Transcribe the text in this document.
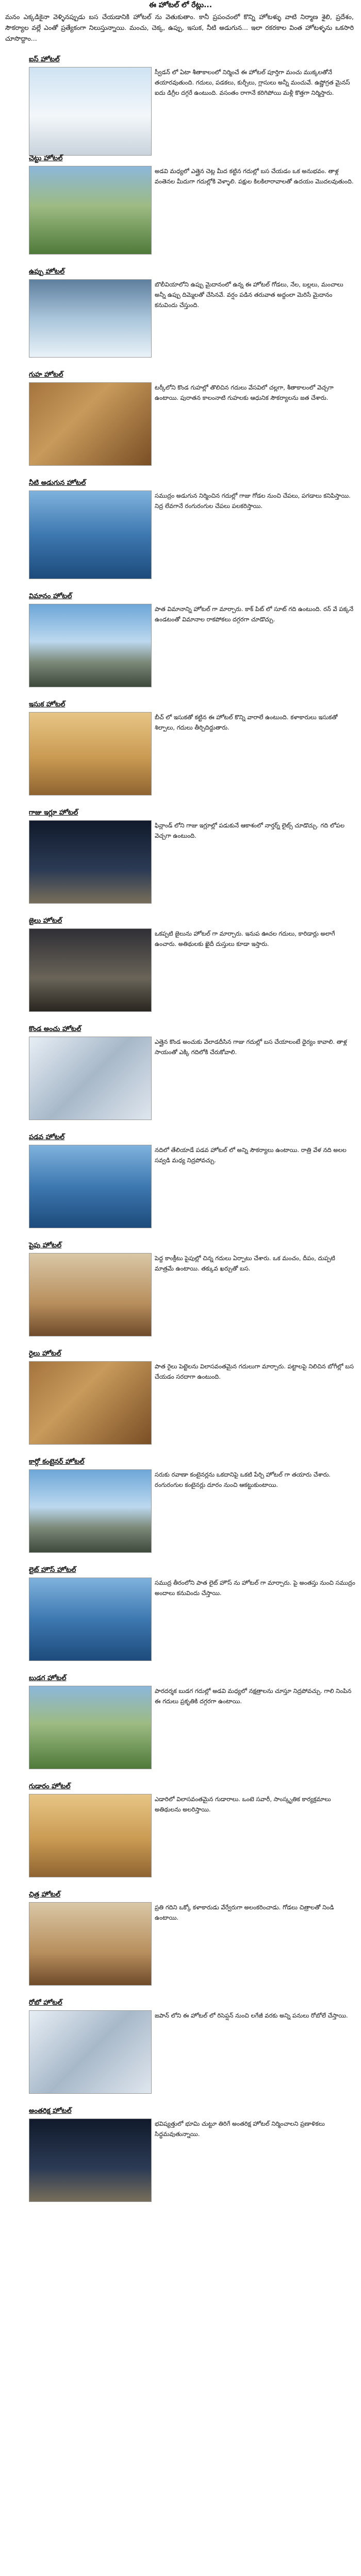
ఈ హోటల్ లో రేట్లు...
మనం ఎక్కడికైనా వెళ్ళినప్పుడు బస చేయడానికి హోటల్ ను వెతుకుతాం. కానీ ప్రపంచంలో కొన్ని హోటళ్ళు వాటి నిర్మాణ శైలి, ప్రదేశం, సౌకర్యాల వల్లే ఎంతో ప్రత్యేకంగా నిలుస్తున్నాయి. మంచు, చెక్క, ఉప్పు, ఇసుక, నీటి అడుగున... ఇలా రకరకాల వింత హోటళ్ళను ఒకసారి చూసొద్దాం...
ఐస్ హోటల్
స్వీడన్ లో ఏటా శీతాకాలంలో నిర్మించే ఈ హోటల్ పూర్తిగా మంచు ముక్కలతోనే తయారవుతుంది. గదులు, పడకలు, కుర్చీలు, గ్లాసులు అన్నీ మంచువే. ఉష్ణోగ్రత మైనస్ ఐదు డిగ్రీల దగ్గరే ఉంటుంది. వసంతం రాగానే కరిగిపోయి మళ్లీ కొత్తగా నిర్మిస్తారు.
చెట్టు హోటల్
అడవి మధ్యలో ఎత్తైన చెట్ల మీద కట్టిన గదుల్లో బస చేయడం ఒక అనుభవం. తాళ్ల వంతెనల మీదుగా గదుల్లోకి వెళ్ళాలి. పక్షుల కిలకిలారావాలతో ఉదయం మొదలవుతుంది.
ఉప్పు హోటల్
బొలీవియాలోని ఉప్పు మైదానంలో ఉన్న ఈ హోటల్ గోడలు, నేల, బల్లలు, మంచాలు అన్నీ ఉప్పు దిమ్మెలతో చేసినవే. వర్షం పడిన తరువాత అద్దంలా మెరిసే మైదానం కనువిందు చేస్తుంది.
గుహ హోటల్
టర్కీలోని కొండ గుహల్లో తొలిచిన గదులు వేసవిలో చల్లగా, శీతాకాలంలో వెచ్చగా ఉంటాయి. పురాతన కాలంనాటి గుహలకు ఆధునిక సౌకర్యాలను జత చేశారు.
నీటి అడుగున హోటల్
సముద్రం అడుగున నిర్మించిన గదుల్లో గాజు గోడల నుంచి చేపలు, పగడాలు కనిపిస్తాయి. నిద్ర లేవగానే రంగురంగుల చేపలు పలకరిస్తాయి.
విమానం హోటల్
పాత విమానాన్ని హోటల్ గా మార్చారు. కాక్ పిట్ లో సూట్ గది ఉంటుంది. రన్ వే పక్కనే ఉండటంతో విమానాల రాకపోకలు దగ్గరగా చూడొచ్చు.
ఇసుక హోటల్
బీచ్ లో ఇసుకతో కట్టిన ఈ హోటల్ కొన్ని వారాలే ఉంటుంది. కళాకారులు ఇసుకతో శిల్పాలు, గదులు తీర్చిదిద్దుతారు.
గాజు ఇగ్లూ హోటల్
ఫిన్లాండ్ లోని గాజు ఇగ్లూల్లో పడుకునే ఆకాశంలో నార్తర్న్ లైట్స్ చూడొచ్చు. గది లోపల వెచ్చగా ఉంటుంది.
జైలు హోటల్
ఒకప్పటి జైలును హోటల్ గా మార్చారు. ఇనుప ఊచల గదులు, కారిడార్లు అలాగే ఉంచారు. అతిథులకు ఖైదీ దుస్తులు కూడా ఇస్తారు.
కొండ అంచు హోటల్
ఎత్తైన కొండ అంచుకు వేలాడదీసిన గాజు గదుల్లో బస చేయాలంటే ధైర్యం కావాలి. తాళ్ల సాయంతో ఎక్కి గదిలోకి చేరుకోవాలి.
పడవ హోటల్
నదిలో తేలియాడే పడవ హోటల్ లో అన్ని సౌకర్యాలు ఉంటాయి. రాత్రి వేళ నది అలల సవ్వడి మధ్య నిద్రపోవచ్చు.
పైపు హోటల్
పెద్ద కాంక్రీటు పైపుల్లో చిన్న గదులు ఏర్పాటు చేశారు. ఒక మంచం, దీపం, దుప్పటి మాత్రమే ఉంటాయి. తక్కువ ఖర్చుతో బస.
రైలు హోటల్
పాత రైలు పెట్టెలను విలాసవంతమైన గదులుగా మార్చారు. పట్టాలపై నిలిచిన బోగీల్లో బస చేయడం సరదాగా ఉంటుంది.
కార్గో కంటైనర్ హోటల్
సరుకు రవాణా కంటైనర్లను ఒకదానిపై ఒకటి పేర్చి హోటల్ గా తయారు చేశారు. రంగురంగుల కంటైనర్లు దూరం నుంచి ఆకట్టుకుంటాయి.
లైట్ హౌస్ హోటల్
సముద్ర తీరంలోని పాత లైట్ హౌస్ ను హోటల్ గా మార్చారు. పై అంతస్తు నుంచి సముద్రం అందాలు కనువిందు చేస్తాయి.
బుడగ హోటల్
పారదర్శక బుడగ గదుల్లో అడవి మధ్యలో నక్షత్రాలను చూస్తూ నిద్రపోవచ్చు. గాలి నింపిన ఈ గదులు ప్రకృతికి దగ్గరగా ఉంటాయి.
గుడారం హోటల్
ఎడారిలో విలాసవంతమైన గుడారాలు. ఒంటె సవారీ, సాంస్కృతిక కార్యక్రమాలు అతిథులను అలరిస్తాయి.
చిత్ర హోటల్
ప్రతి గదిని ఒక్కో కళాకారుడు వేర్వేరుగా అలంకరించాడు. గోడలు చిత్రాలతో నిండి ఉంటాయి.
రోబో హోటల్
జపాన్ లోని ఈ హోటల్ లో రిసెప్షన్ నుంచి లగేజీ వరకు అన్ని పనులు రోబోలే చేస్తాయి.
అంతరిక్ష హోటల్
భవిష్యత్తులో భూమి చుట్టూ తిరిగే అంతరిక్ష హోటల్ నిర్మించాలని ప్రణాళికలు సిద్ధమవుతున్నాయి.
